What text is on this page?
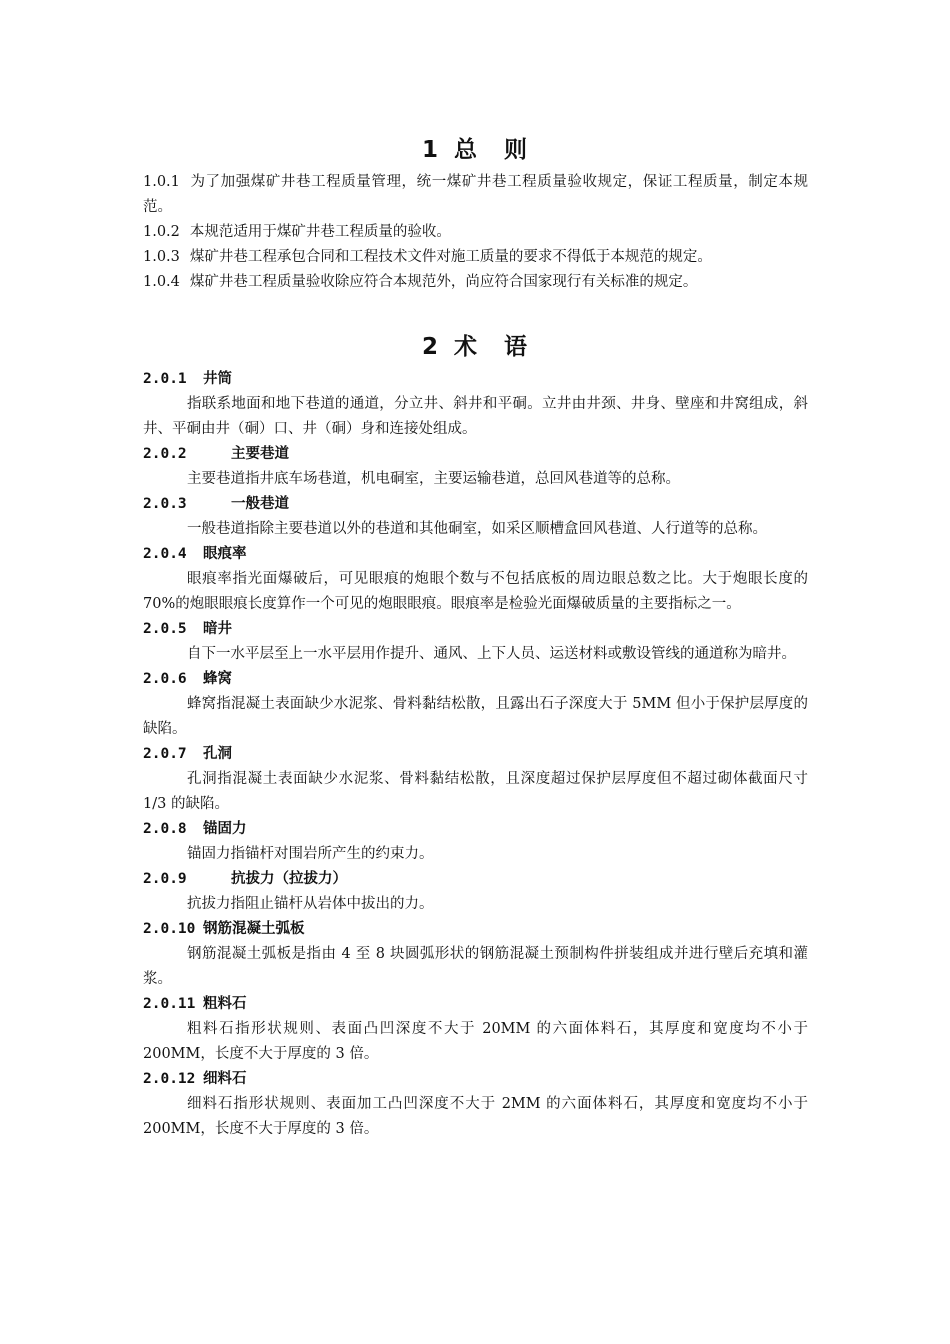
1 总　则

1.0.1 为了加强煤矿井巷工程质量管理，统一煤矿井巷工程质量验收规定，保证工程质量，制定本规范。

1.0.2 本规范适用于煤矿井巷工程质量的验收。

1.0.3 煤矿井巷工程承包合同和工程技术文件对施工质量的要求不得低于本规范的规定。

1.0.4 煤矿井巷工程质量验收除应符合本规范外，尚应符合国家现行有关标准的规定。

2 术　语

2.0.1 井筒

指联系地面和地下巷道的通道，分立井、斜井和平硐。立井由井颈、井身、壁座和井窝组成，斜井、平硐由井（硐）口、井（硐）身和连接处组成。

2.0.2	主要巷道

主要巷道指井底车场巷道，机电硐室，主要运输巷道，总回风巷道等的总称。

2.0.3	一般巷道

一般巷道指除主要巷道以外的巷道和其他硐室，如采区顺槽盒回风巷道、人行道等的总称。

2.0.4 眼痕率

眼痕率指光面爆破后，可见眼痕的炮眼个数与不包括底板的周边眼总数之比。大于炮眼长度的70%的炮眼眼痕长度算作一个可见的炮眼眼痕。眼痕率是检验光面爆破质量的主要指标之一。

2.0.5 暗井

自下一水平层至上一水平层用作提升、通风、上下人员、运送材料或敷设管线的通道称为暗井。

2.0.6 蜂窝

蜂窝指混凝土表面缺少水泥浆、骨料黏结松散，且露出石子深度大于 5MM 但小于保护层厚度的缺陷。

2.0.7 孔洞

孔洞指混凝土表面缺少水泥浆、骨料黏结松散，且深度超过保护层厚度但不超过砌体截面尺寸 1/3 的缺陷。

2.0.8 锚固力

锚固力指锚杆对围岩所产生的约束力。

2.0.9	抗拔力（拉拔力）

抗拔力指阻止锚杆从岩体中拔出的力。

2.0.10 钢筋混凝土弧板

钢筋混凝土弧板是指由 4 至 8 块圆弧形状的钢筋混凝土预制构件拼装组成并进行壁后充填和灌浆。

2.0.11 粗料石

粗料石指形状规则、表面凸凹深度不大于 20MM 的六面体料石，其厚度和宽度均不小于 200MM，长度不大于厚度的 3 倍。

2.0.12 细料石

细料石指形状规则、表面加工凸凹深度不大于 2MM 的六面体料石，其厚度和宽度均不小于 200MM，长度不大于厚度的 3 倍。
